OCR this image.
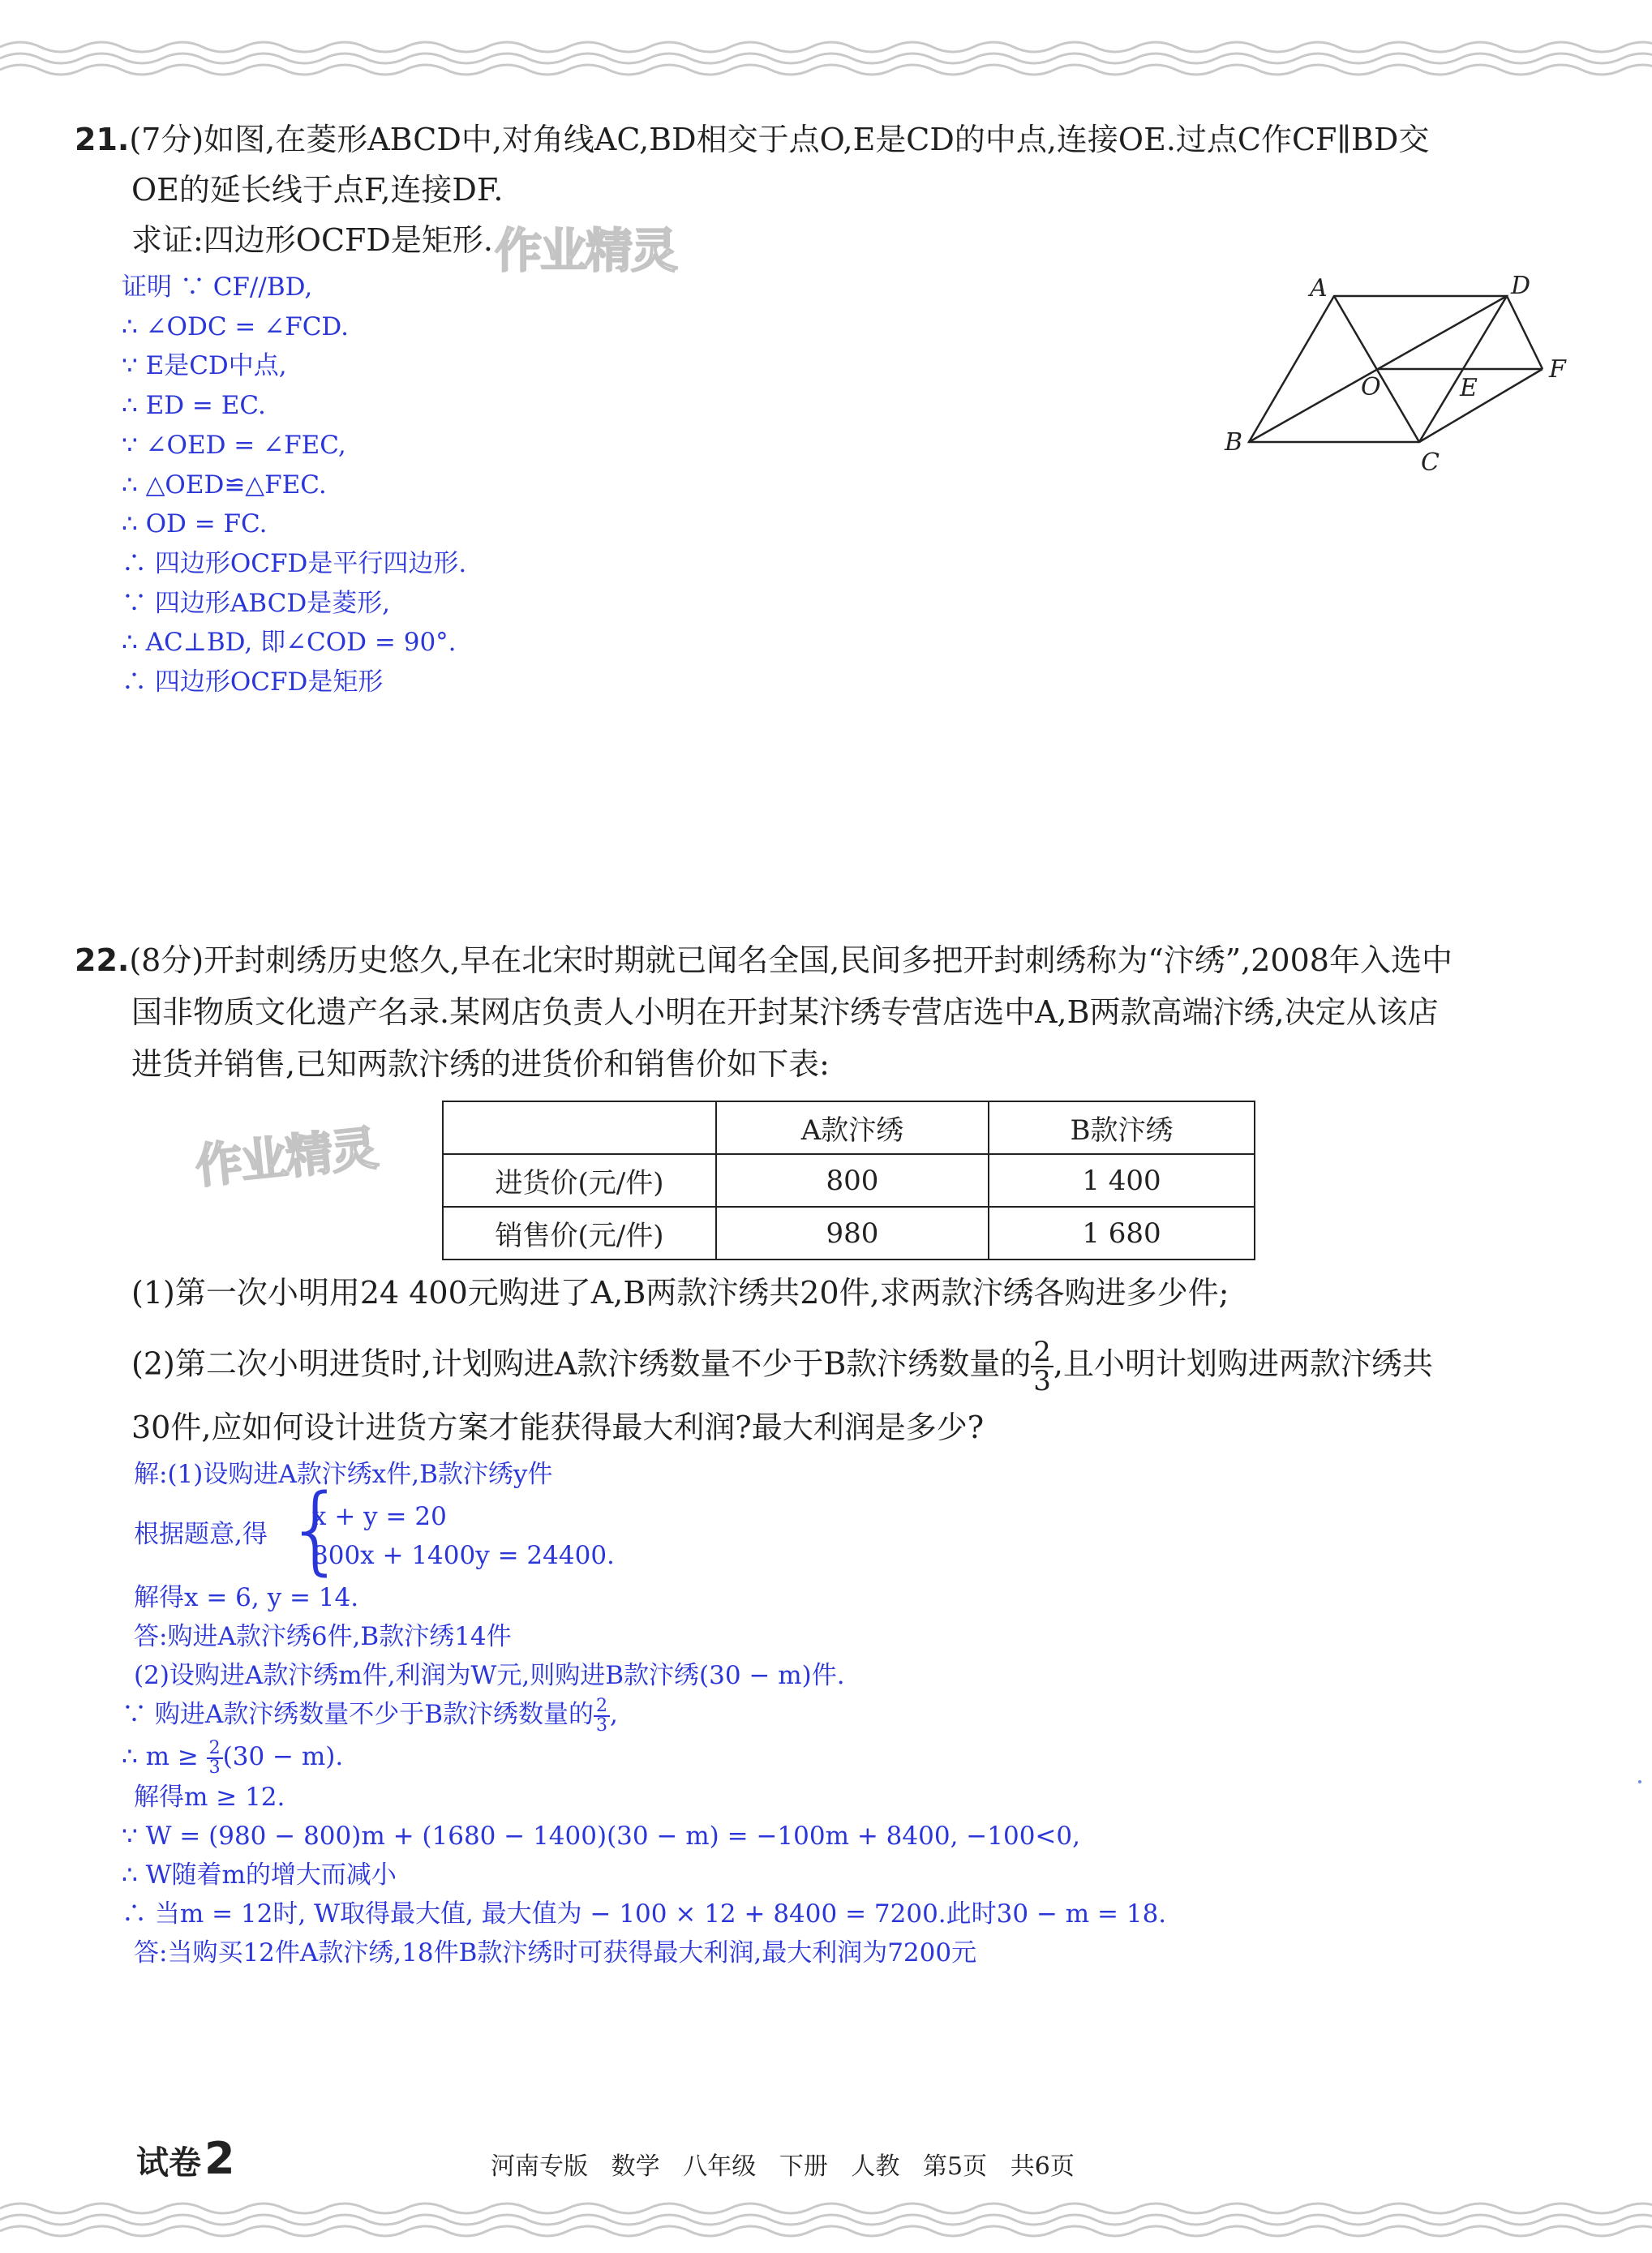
21.(7分)如图,在菱形ABCD中,对角线AC,BD相交于点O,E是CD的中点,连接OE.过点C作CF∥BD交
OE的延长线于点F,连接DF.
求证:四边形OCFD是矩形. 作业精灵
证明 ∵ CF//BD,
∴ ∠ODC = ∠FCD.
∵ E是CD中点,
∴ ED = EC.
∵ ∠OED = ∠FEC,
∴ △OED≌△FEC.
∴ OD = FC.
∴ 四边形OCFD是平行四边形.
∵ 四边形ABCD是菱形,
∴ AC⊥BD, 即∠COD = 90°.
∴ 四边形OCFD是矩形
A	D
O	E
F
B
C
22.(8分)开封刺绣历史悠久,早在北宋时期就已闻名全国,民间多把开封刺绣称为“汴绣”,2008年入选中
国非物质文化遗产名录.某网店负责人小明在开封某汴绣专营店选中A,B两款高端汴绣,决定从该店
进货并销售,已知两款汴绣的进货价和销售价如下表:
作业精灵
		A款汴绣	B款汴绣
进货价(元/件)	800	1 400
销售价(元/件)	980	1 680
(1)第一次小明用24 400元购进了A,B两款汴绣共20件,求两款汴绣各购进多少件;
(2)第二次小明进货时,计划购进A款汴绣数量不少于B款汴绣数量的 $\frac{2}{3}$ ,且小明计划购进两款汴绣共
30件,应如何设计进货方案才能获得最大利润?最大利润是多少?
解:(1)设购进A款汴绣x件,B款汴绣y件
根据题意,得 {
x + y = 20
800x + 1400y = 24400.
解得x = 6, y = 14.
答:购进A款汴绣6件,B款汴绣14件
(2)设购进A款汴绣m件,利润为W元,则购进B款汴绣(30 − m)件.
∵ 购进A款汴绣数量不少于B款汴绣数量的 $\frac{2}{3}$ ,
∴ $m \ge \frac{2}{3} (30 - m)$.
解得m ≥ 12.
∵ W = (980 − 800)m + (1680 − 1400)(30 − m) = −100m + 8400, −100<0,
∴ W随着m的增大而减小
∴ 当m = 12时, W取得最大值, 最大值为 − 100 × 12 + 8400 = 7200.此时30 − m = 18.
答:当购买12件A款汴绣,18件B款汴绣时可获得最大利润,最大利润为7200元
试卷2	河南专版   数学   八年级   下册   人教   第5页   共6页
